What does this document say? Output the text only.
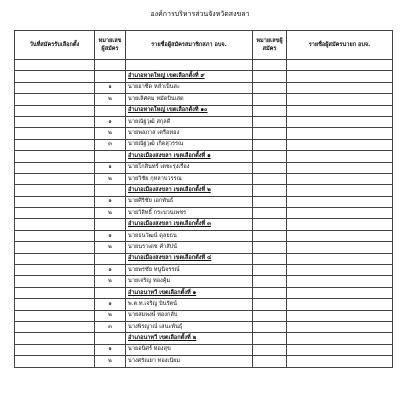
องค์การบริหารส่วนจังหวัดสงขลา
วันที่สมัครรับเลือกตั้ง	หมายเลขผู้สมัคร	รายชื่อผู้สมัครสมาชิกสภา อบจ.	หมายเลขผู้สมัคร	รายชื่อผู้สมัครนายก อบจ.

		อำเภอหาดใหญ่ เขตเลือกตั้งที่ ๙		
	๑	นายอาซีด หลำเบ็นสะ		
	๒	นายเลิศคม หมัดบินเสด		
		อำเภอหาดใหญ่ เขตเลือกตั้งที่ ๑๐		
	๑	นายณัฐวุฒิ สกุลดี		
	๒	นายพลภาส เครือทอง		
	๓	นายณัฐวุฒิ เกิดสุวรรณ		
		อำเภอเมืองสงขลา เขตเลือกตั้งที่ ๑		
	๑	นายโกสินทร์ เตชะรุ่งเรือง		
	๒	นายวิชัย กุหลาบวรรณ		
		อำเภอเมืองสงขลา เขตเลือกตั้งที่ ๒		
	๑	นายศิริชัย เอกพันธ์		
	๒	นายวิสิทธิ์ กระบวนเพชร		
		อำเภอเมืองสงขลา เขตเลือกตั้งที่ ๓		
	๑	นายธนวัฒน์ ดุลยธน		
	๒	นายนราเดช คำสัปน์		
		อำเภอเมืองสงขลา เขตเลือกตั้งที่ ๔		
	๑	นายพรชัย หนูนิจรรณ์		
	๒	นายเจริญ ทองคุ้ม		
		อำเภอนาทวี เขตเลือกตั้งที่ ๑		
	๑	พ.ต.ท.เจริญ บินรัตน์		
	๒	นายสมพงษ์ ทองกลับ		
	๓	นางพิรญาณ์ เสนะพันธุ์		
		อำเภอนาทวี เขตเลือกตั้งที่ ๒		
	๑	นายอนิศร์ ทองสุข		
	๒	นางศรัณยา ทองเนียม		
